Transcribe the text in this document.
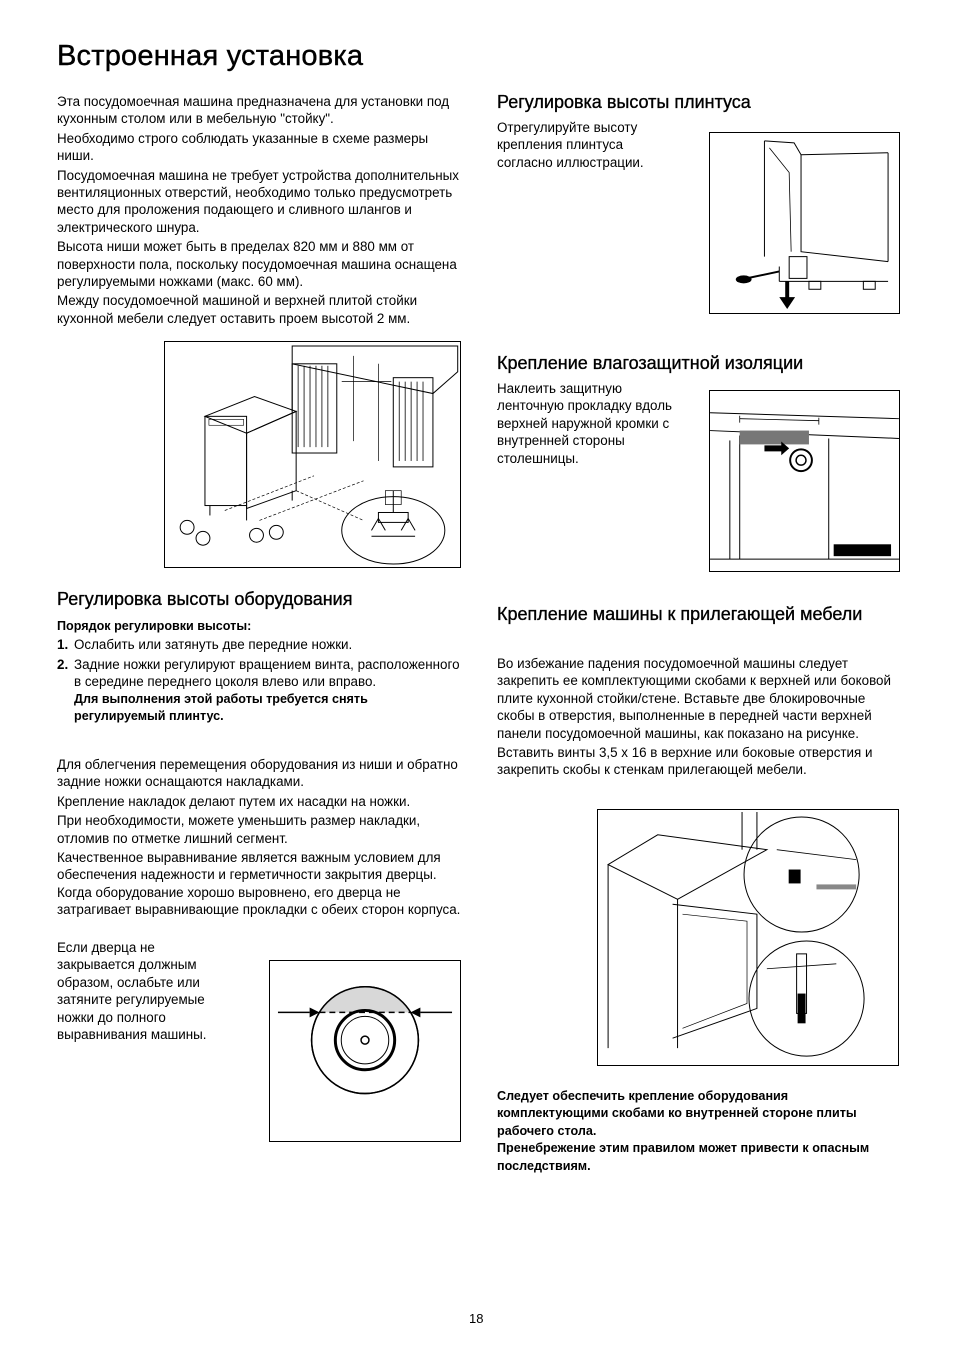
Встроенная установка

Эта посудомоечная машина предназначена для установки под кухонным столом или в мебельную "стойку".

Необходимо строго соблюдать указанные в схеме размеры ниши.

Посудомоечная машина не требует устройства дополнительных вентиляционных отверстий, необходимо только предусмотреть место для проложения подающего и сливного шлангов и электрического шнура.

Высота ниши может быть в пределах 820 мм и 880 мм от поверхности пола, поскольку посудомоечная машина оснащена регулируемыми ножками (макс. 60 мм).

Между посудомоечной машиной и верхней плитой стойки кухонной мебели следует оставить проем высотой 2 мм.

Регулировка высоты оборудования

Порядок регулировки высоты:

1. Ослабить или затянуть две передние ножки.
2. Задние ножки регулируют вращением винта, расположенного в середине переднего цоколя влево или вправо.
Для выполнения этой работы требуется снять регулируемый плинтус.

Для облегчения перемещения оборудования из ниши и обратно задние ножки оснащаются накладками.

Крепление накладок делают путем их насадки на ножки.

При необходимости, можете уменьшить размер накладки, отломив по отметке лишний сегмент.

Качественное выравнивание является важным условием для обеспечения надежности и герметичности закрытия дверцы. Когда оборудование хорошо выровнено, его дверца не затрагивает выравнивающие прокладки с обеих сторон корпуса.

Если дверца не закрывается должным образом, ослабьте или затяните регулируемые ножки до полного выравнивания машины.

Регулировка высоты плинтуса

Отрегулируйте высоту крепления плинтуса согласно иллюстрации.

Крепление влагозащитной изоляции

Наклеить защитную ленточную прокладку вдоль верхней наружной кромки с внутренней стороны столешницы.

Крепление машины к прилегающей мебели

Во избежание падения посудомоечной машины следует закрепить ее комплектующими скобами к верхней или боковой плите кухонной стойки/стене. Вставьте две блокировочные скобы в отверстия, выполненные в передней части верхней панели посудомоечной машины, как показано на рисунке.

Вставить винты 3,5 x 16 в верхние или боковые отверстия и закрепить скобы к стенкам прилегающей мебели.

Следует обеспечить крепление оборудования комплектующими скобами ко внутренней стороне плиты рабочего стола.

Пренебрежение этим правилом может привести к опасным последствиям.

18
